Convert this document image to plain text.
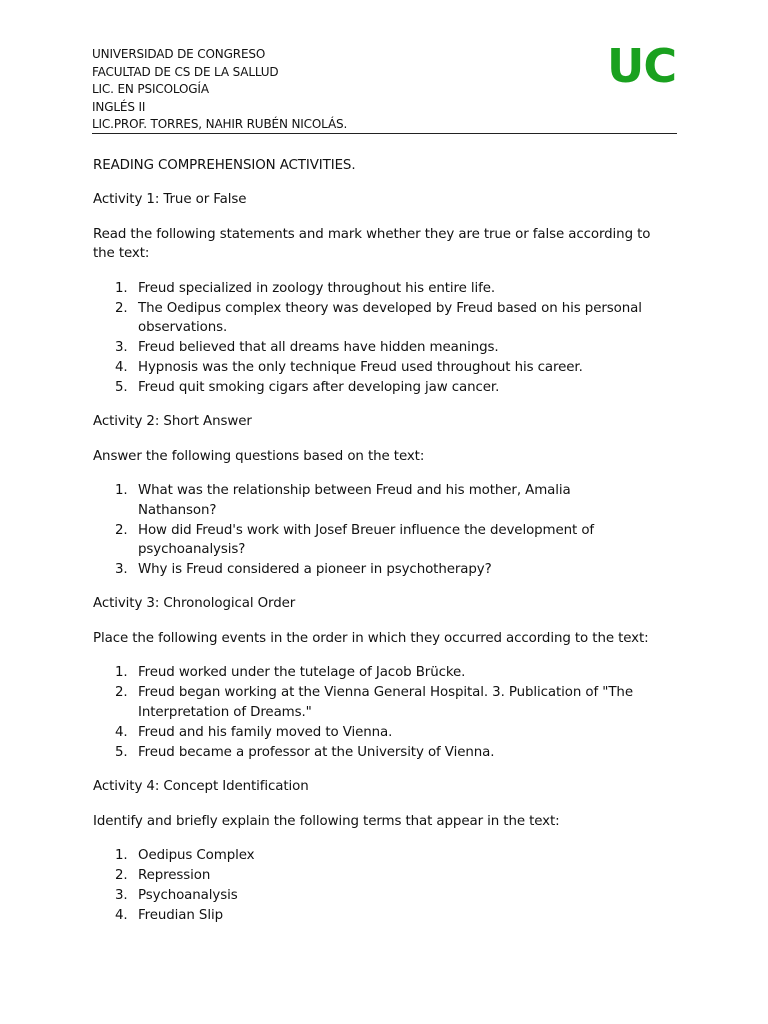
UNIVERSIDAD DE CONGRESO
FACULTAD DE CS DE LA SALLUD
LIC. EN PSICOLOGÍA
INGLÉS II
LIC.PROF. TORRES, NAHIR RUBÉN NICOLÁS.
UC

READING COMPREHENSION ACTIVITIES.

Activity 1: True or False

Read the following statements and mark whether they are true or false according to the text:

1. Freud specialized in zoology throughout his entire life.
2. The Oedipus complex theory was developed by Freud based on his personal observations.
3. Freud believed that all dreams have hidden meanings.
4. Hypnosis was the only technique Freud used throughout his career.
5. Freud quit smoking cigars after developing jaw cancer.

Activity 2: Short Answer

Answer the following questions based on the text:

1. What was the relationship between Freud and his mother, Amalia Nathanson?
2. How did Freud's work with Josef Breuer influence the development of psychoanalysis?
3. Why is Freud considered a pioneer in psychotherapy?

Activity 3: Chronological Order

Place the following events in the order in which they occurred according to the text:

1. Freud worked under the tutelage of Jacob Brücke.
2. Freud began working at the Vienna General Hospital. 3. Publication of "The Interpretation of Dreams."
4. Freud and his family moved to Vienna.
5. Freud became a professor at the University of Vienna.

Activity 4: Concept Identification

Identify and briefly explain the following terms that appear in the text:

1. Oedipus Complex
2. Repression
3. Psychoanalysis
4. Freudian Slip
